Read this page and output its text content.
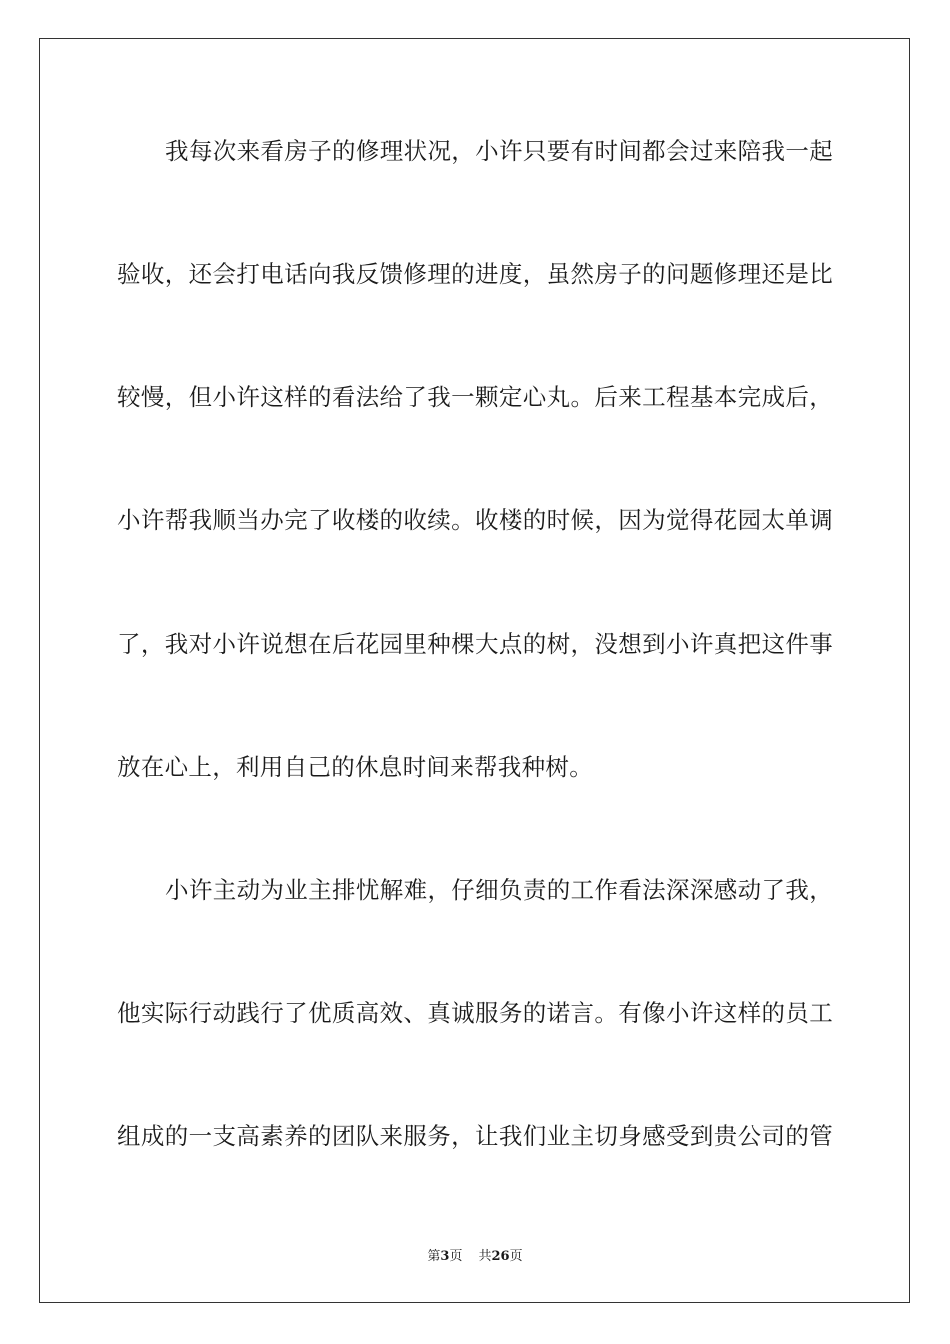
我每次来看房子的修理状况，小许只要有时间都会过来陪我一起
验收，还会打电话向我反馈修理的进度，虽然房子的问题修理还是比
较慢，但小许这样的看法给了我一颗定心丸。后来工程基本完成后，
小许帮我顺当办完了收楼的收续。收楼的时候，因为觉得花园太单调
了，我对小许说想在后花园里种棵大点的树，没想到小许真把这件事
放在心上，利用自己的休息时间来帮我种树。
小许主动为业主排忧解难，仔细负责的工作看法深深感动了我，
他实际行动践行了优质高效、真诚服务的诺言。有像小许这样的员工
组成的一支高素养的团队来服务，让我们业主切身感受到贵公司的管
第3页 共26页
